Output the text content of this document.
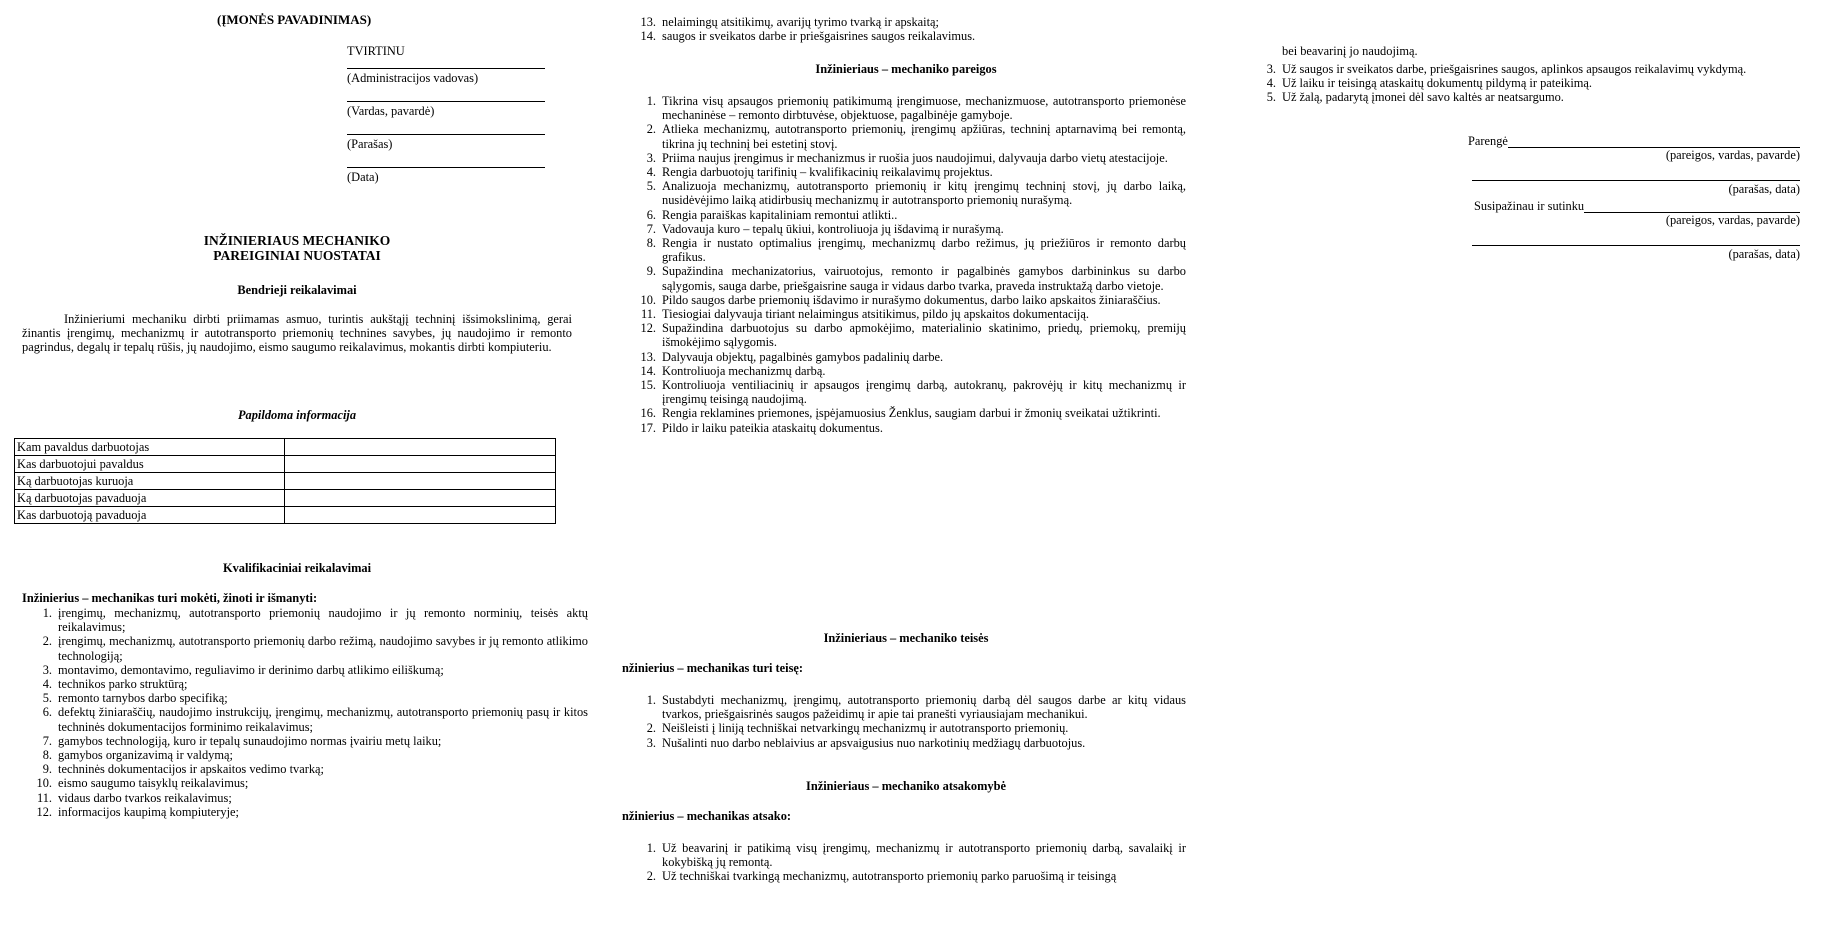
(ĮMONĖS PAVADINIMAS)
TVIRTINU
(Administracijos vadovas)
(Vardas, pavardė)
(Parašas)
(Data)
INŽINIERIAUS MECHANIKO
PAREIGINIAI NUOSTATAI
Bendrieji reikalavimai
Inžinieriumi mechaniku dirbti priimamas asmuo, turintis aukštąjį techninį išsimokslinimą, gerai žinantis įrengimų, mechanizmų ir autotransporto priemonių technines savybes, jų naudojimo ir remonto pagrindus, degalų ir tepalų rūšis, jų naudojimo, eismo saugumo reikalavimus, mokantis dirbti kompiuteriu.
Papildoma informacija
Kam pavaldus darbuotojas	
Kas darbuotojui pavaldus	
Ką darbuotojas kuruoja	
Ką darbuotojas pavaduoja	
Kas darbuotoją pavaduoja	
Kvalifikaciniai reikalavimai
Inžinierius – mechanikas turi mokėti, žinoti ir išmanyti:
1. įrengimų, mechanizmų, autotransporto priemonių naudojimo ir jų remonto norminių, teisės aktų reikalavimus;
2. įrengimų, mechanizmų, autotransporto priemonių darbo režimą, naudojimo savybes ir jų remonto atlikimo technologiją;
3. montavimo, demontavimo, reguliavimo ir derinimo darbų atlikimo eiliškumą;
4. technikos parko struktūrą;
5. remonto tarnybos darbo specifiką;
6. defektų žiniaraščių, naudojimo instrukcijų, įrengimų, mechanizmų, autotransporto priemonių pasų ir kitos techninės dokumentacijos forminimo reikalavimus;
7. gamybos technologiją, kuro ir tepalų sunaudojimo normas įvairiu metų laiku;
8. gamybos organizavimą ir valdymą;
9. techninės dokumentacijos ir apskaitos vedimo tvarką;
10. eismo saugumo taisyklų reikalavimus;
11. vidaus darbo tvarkos reikalavimus;
12. informacijos kaupimą kompiuteryje;
13. nelaimingų atsitikimų, avarijų tyrimo tvarką ir apskaitą;
14. saugos ir sveikatos darbe ir priešgaisrines saugos reikalavimus.
Inžinieriaus – mechaniko pareigos
1. Tikrina visų apsaugos priemonių patikimumą įrengimuose, mechanizmuose, autotransporto priemonėse mechaninėse – remonto dirbtuvėse, objektuose, pagalbinėje gamyboje.
2. Atlieka mechanizmų, autotransporto priemonių, įrengimų apžiūras, techninį aptarnavimą bei remontą, tikrina jų techninį bei estetinį stovį.
3. Priima naujus įrengimus ir mechanizmus ir ruošia juos naudojimui, dalyvauja darbo vietų atestacijoje.
4. Rengia darbuotojų tarifinių – kvalifikacinių reikalavimų projektus.
5. Analizuoja mechanizmų, autotransporto priemonių ir kitų įrengimų techninį stovį, jų darbo laiką, nusidėvėjimo laiką atidirbusių mechanizmų ir autotransporto priemonių nurašymą.
6. Rengia paraiškas kapitaliniam remontui atlikti..
7. Vadovauja kuro – tepalų ūkiui, kontroliuoja jų išdavimą ir nurašymą.
8. Rengia ir nustato optimalius įrengimų, mechanizmų darbo režimus, jų priežiūros ir remonto darbų grafikus.
9. Supažindina mechanizatorius, vairuotojus, remonto ir pagalbinės gamybos darbininkus su darbo sąlygomis, sauga darbe, priešgaisrine sauga ir vidaus darbo tvarka, praveda instruktažą darbo vietoje.
10. Pildo saugos darbe priemonių išdavimo ir nurašymo dokumentus, darbo laiko apskaitos žiniaraščius.
11. Tiesiogiai dalyvauja tiriant nelaimingus atsitikimus, pildo jų apskaitos dokumentaciją.
12. Supažindina darbuotojus su darbo apmokėjimo, materialinio skatinimo, priedų, priemokų, premijų išmokėjimo sąlygomis.
13. Dalyvauja objektų, pagalbinės gamybos padalinių darbe.
14. Kontroliuoja mechanizmų darbą.
15. Kontroliuoja ventiliacinių ir apsaugos įrengimų darbą, autokranų, pakrovėjų ir kitų mechanizmų ir įrengimų teisingą naudojimą.
16. Rengia reklamines priemones, įspėjamuosius Ženklus, saugiam darbui ir žmonių sveikatai užtikrinti.
17. Pildo ir laiku pateikia ataskaitų dokumentus.
Inžinieriaus – mechaniko teisės
nžinierius – mechanikas turi teisę:
1. Sustabdyti mechanizmų, įrengimų, autotransporto priemonių darbą dėl saugos darbe ar kitų vidaus tvarkos, priešgaisrinės saugos pažeidimų ir apie tai pranešti vyriausiajam mechanikui.
2. Neišleisti į liniją techniškai netvarkingų mechanizmų ir autotransporto priemonių.
3. Nušalinti nuo darbo neblaivius ar apsvaigusius nuo narkotinių medžiagų darbuotojus.
Inžinieriaus – mechaniko atsakomybė
nžinierius – mechanikas atsako:
1. Už beavarinį ir patikimą visų įrengimų, mechanizmų ir autotransporto priemonių darbą, savalaikį ir kokybišką jų remontą.
2. Už techniškai tvarkingą mechanizmų, autotransporto priemonių parko paruošimą ir teisingą
bei beavarinį jo naudojimą.
3. Už saugos ir sveikatos darbe, priešgaisrines saugos, aplinkos apsaugos reikalavimų vykdymą.
4. Už laiku ir teisingą ataskaitų dokumentų pildymą ir pateikimą.
5. Už žalą, padarytą įmonei dėl savo kaltės ar neatsargumo.
Parengė
(pareigos, vardas, pavarde)
(parašas, data)
Susipažinau ir sutinku
(pareigos, vardas, pavarde)
(parašas, data)
